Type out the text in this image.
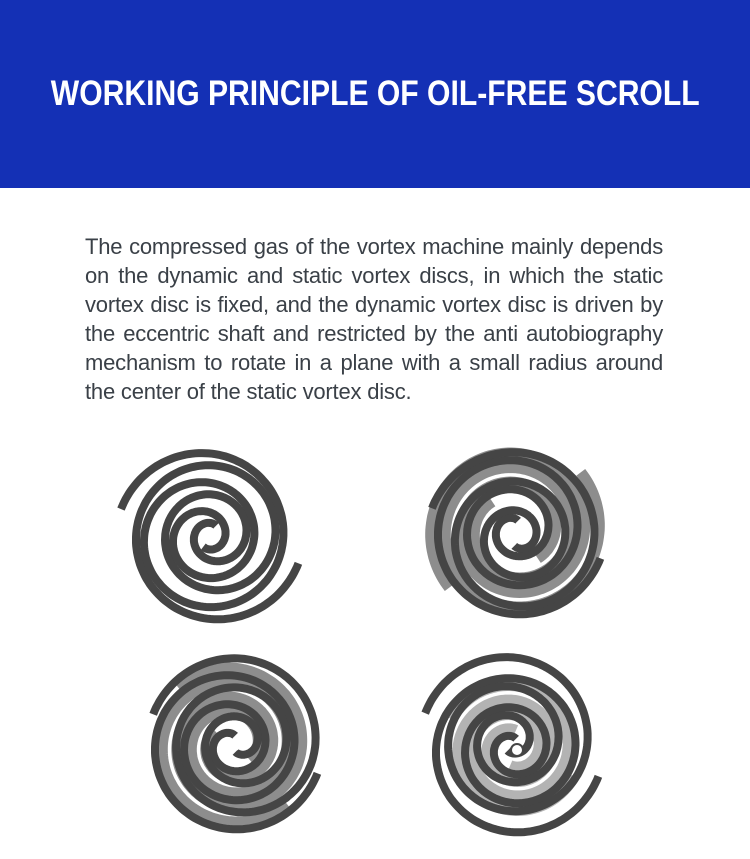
WORKING PRINCIPLE OF OIL-FREE SCROLL
The compressed gas of the vortex machine mainly depends
on the dynamic and static vortex discs, in which the static
vortex disc is fixed, and the dynamic vortex disc is driven by
the eccentric shaft and restricted by the anti autobiography
mechanism to rotate in a plane with a small radius around
the center of the static vortex disc.
